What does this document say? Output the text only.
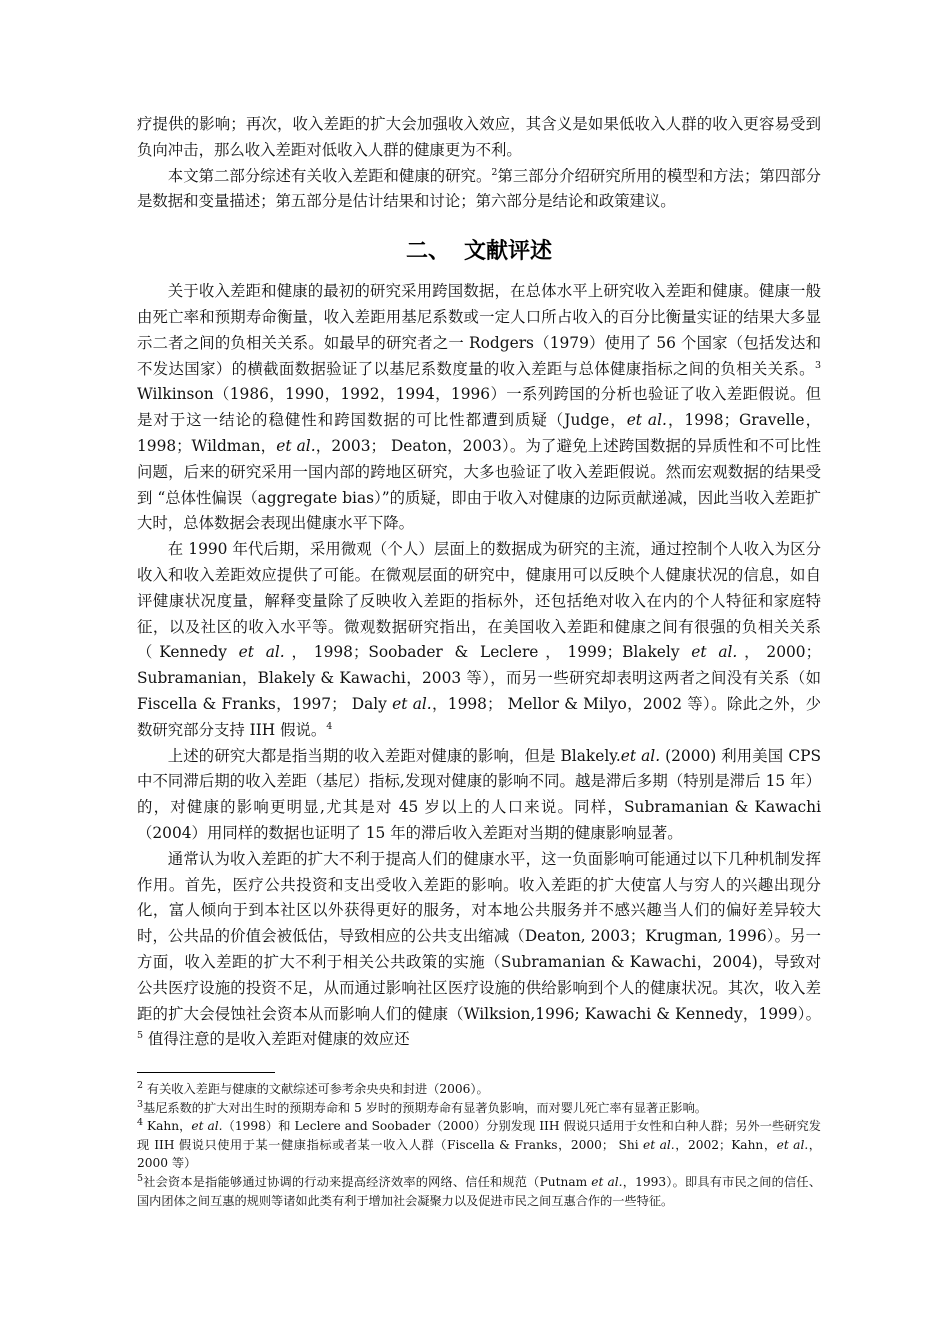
疗提供的影响；再次，收入差距的扩大会加强收入效应，其含义是如果低收入人群的收入更容易受到负向冲击，那么收入差距对低收入人群的健康更为不利。

本文第二部分综述有关收入差距和健康的研究。$^2$第三部分介绍研究所用的模型和方法；第四部分是数据和变量描述；第五部分是估计结果和讨论；第六部分是结论和政策建议。

二、 文献评述

关于收入差距和健康的最初的研究采用跨国数据，在总体水平上研究收入差距和健康。健康一般由死亡率和预期寿命衡量，收入差距用基尼系数或一定人口所占收入的百分比衡量实证的结果大多显示二者之间的负相关关系。如最早的研究者之一 Rodgers（1979）使用了 56 个国家（包括发达和不发达国家）的横截面数据验证了以基尼系数度量的收入差距与总体健康指标之间的负相关关系。$^3$ Wilkinson（1986，1990，1992，1994，1996）一系列跨国的分析也验证了收入差距假说。但是对于这一结论的稳健性和跨国数据的可比性都遭到质疑（Judge，et al.，1998；Gravelle，1998；Wildman，et al.，2003； Deaton，2003）。为了避免上述跨国数据的异质性和不可比性问题，后来的研究采用一国内部的跨地区研究，大多也验证了收入差距假说。然而宏观数据的结果受到 “总体性偏误（aggregate bias）”的质疑，即由于收入对健康的边际贡献递减，因此当收入差距扩大时，总体数据会表现出健康水平下降。

在 1990 年代后期，采用微观（个人）层面上的数据成为研究的主流，通过控制个人收入为区分收入和收入差距效应提供了可能。在微观层面的研究中，健康用可以反映个人健康状况的信息，如自评健康状况度量，解释变量除了反映收入差距的指标外，还包括绝对收入在内的个人特征和家庭特征，以及社区的收入水平等。微观数据研究指出，在美国收入差距和健康之间有很强的负相关关系（Kennedy et al.，1998；Soobader & Leclere，1999；Blakely et al.，2000； Subramanian，Blakely & Kawachi，2003 等），而另一些研究却表明这两者之间没有关系（如 Fiscella & Franks，1997； Daly et al.，1998； Mellor & Milyo，2002 等）。除此之外，少数研究部分支持 IIH 假说。$^4$

上述的研究大都是指当期的收入差距对健康的影响，但是 Blakely.et al. (2000) 利用美国 CPS 中不同滞后期的收入差距（基尼）指标,发现对健康的影响不同。越是滞后多期（特别是滞后 15 年）的，对健康的影响更明显,尤其是对 45 岁以上的人口来说。同样，Subramanian & Kawachi（2004）用同样的数据也证明了 15 年的滞后收入差距对当期的健康影响显著。

通常认为收入差距的扩大不利于提高人们的健康水平，这一负面影响可能通过以下几种机制发挥作用。首先，医疗公共投资和支出受收入差距的影响。收入差距的扩大使富人与穷人的兴趣出现分化，富人倾向于到本社区以外获得更好的服务，对本地公共服务并不感兴趣当人们的偏好差异较大时，公共品的价值会被低估，导致相应的公共支出缩减（Deaton, 2003；Krugman, 1996）。另一方面，收入差距的扩大不利于相关公共政策的实施（Subramanian & Kawachi，2004)，导致对公共医疗设施的投资不足，从而通过影响社区医疗设施的供给影响到个人的健康状况。其次，收入差距的扩大会侵蚀社会资本从而影响人们的健康（Wilksion,1996; Kawachi & Kennedy，1999）。$^5$ 值得注意的是收入差距对健康的效应还

$^2$ 有关收入差距与健康的文献综述可参考余央央和封进（2006）。

$^3$基尼系数的扩大对出生时的预期寿命和 5 岁时的预期寿命有显著负影响，而对婴儿死亡率有显著正影响。

$^4$ Kahn，et al.（1998）和 Leclere and Soobader（2000）分别发现 IIH 假说只适用于女性和白种人群；另外一些研究发现 IIH 假说只使用于某一健康指标或者某一收入人群（Fiscella & Franks，2000； Shi et al.，2002；Kahn，et al.，2000 等）

$^5$社会资本是指能够通过协调的行动来提高经济效率的网络、信任和规范（Putnam et al.，1993）。即具有市民之间的信任、国内团体之间互惠的规则等诸如此类有利于增加社会凝聚力以及促进市民之间互惠合作的一些特征。
